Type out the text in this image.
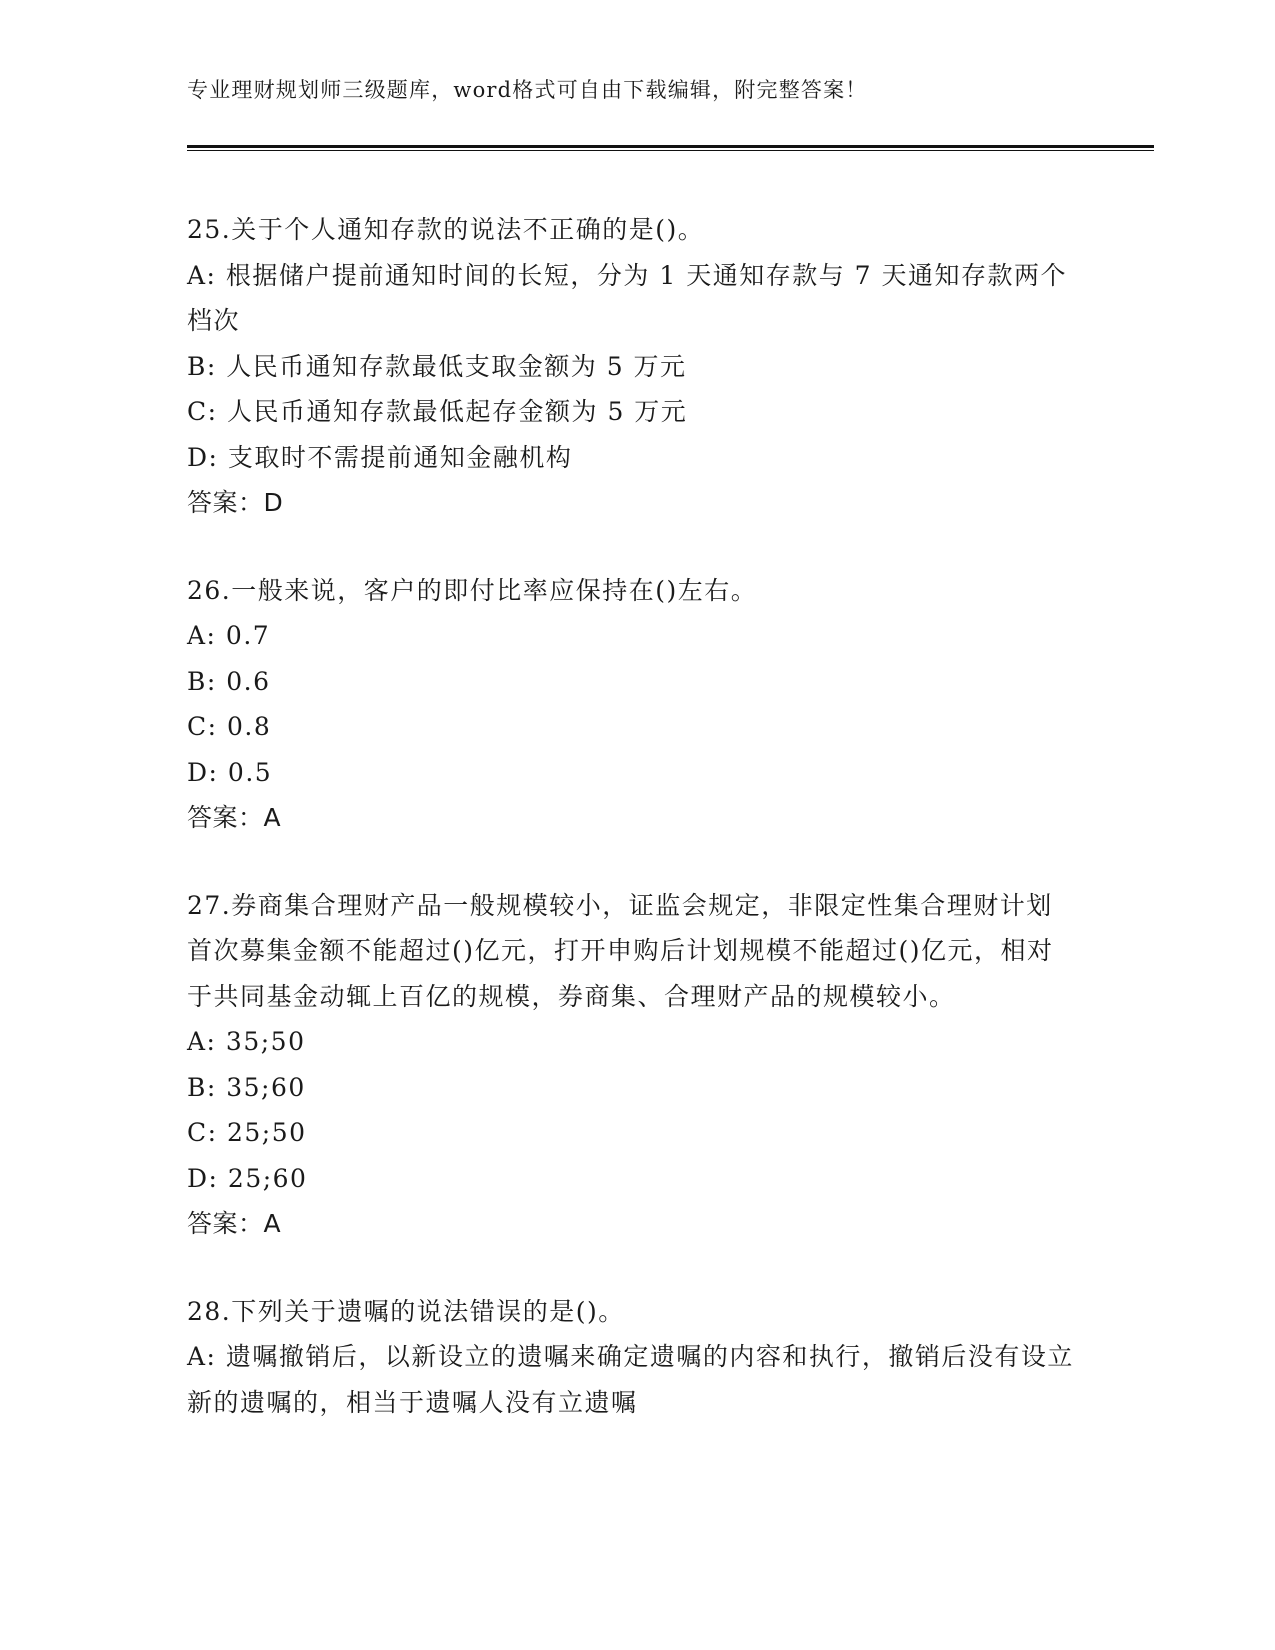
专业理财规划师三级题库，word格式可自由下载编辑，附完整答案！
25.关于个人通知存款的说法不正确的是()。
A: 根据储户提前通知时间的长短，分为 1 天通知存款与 7 天通知存款两个档次
B: 人民币通知存款最低支取金额为 5 万元
C: 人民币通知存款最低起存金额为 5 万元
D: 支取时不需提前通知金融机构
答案：D
26.一般来说，客户的即付比率应保持在()左右。
A: 0.7
B: 0.6
C: 0.8
D: 0.5
答案：A
27.券商集合理财产品一般规模较小，证监会规定，非限定性集合理财计划首次募集金额不能超过()亿元，打开申购后计划规模不能超过()亿元，相对于共同基金动辄上百亿的规模，券商集、合理财产品的规模较小。
A: 35;50
B: 35;60
C: 25;50
D: 25;60
答案：A
28.下列关于遗嘱的说法错误的是()。
A: 遗嘱撤销后，以新设立的遗嘱来确定遗嘱的内容和执行，撤销后没有设立新的遗嘱的，相当于遗嘱人没有立遗嘱
